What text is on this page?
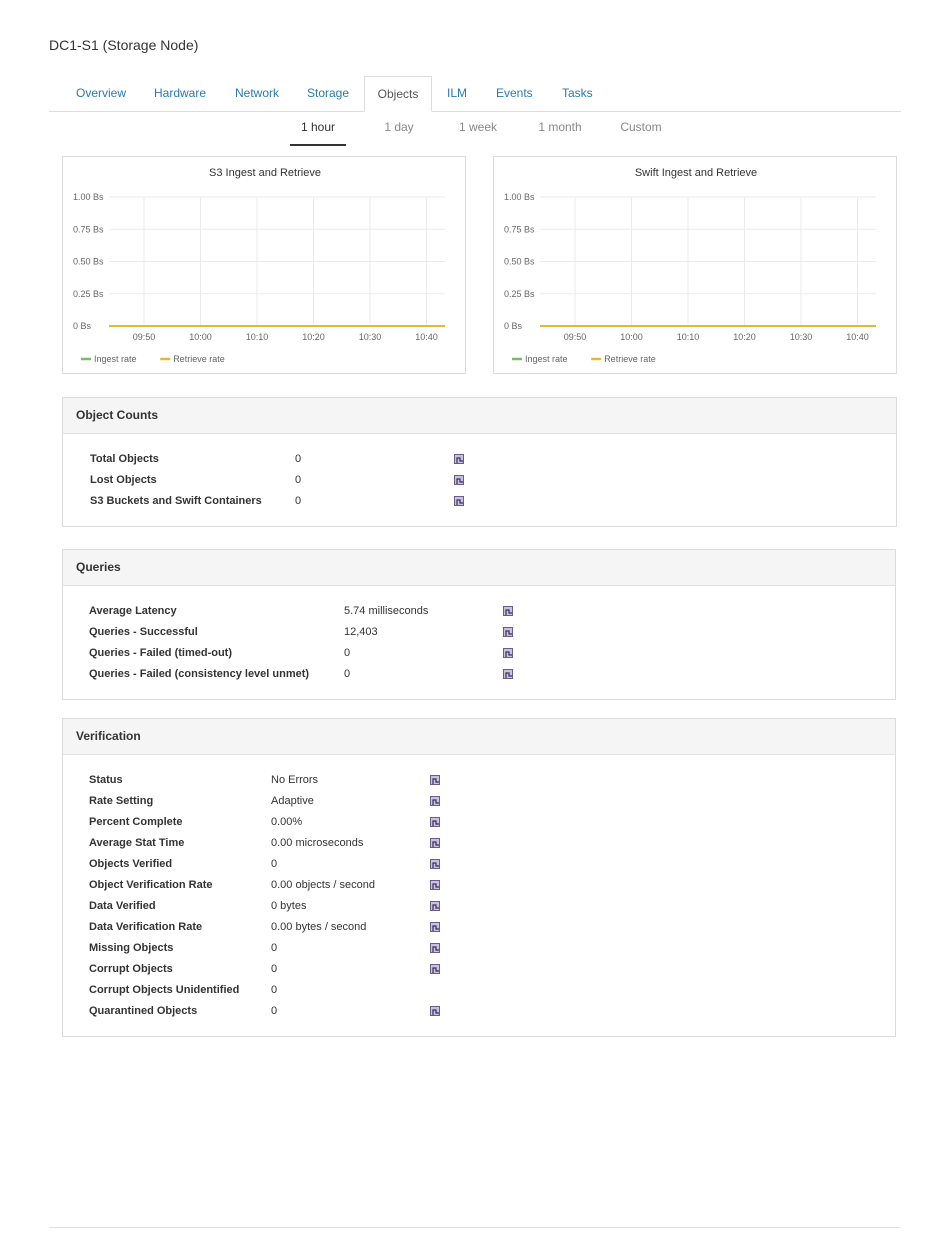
DC1-S1 (Storage Node)
Overview Hardware Network Storage	Objects	ILM Events Tasks
1 hour	1 day	1 week	1 month	Custom
S3 Ingest and Retrieve
1.00 Bs
0.75 Bs
0.50 Bs
0.25 Bs
0 Bs
09:50	10:00	10:10	10:20	10:30	10:40
Ingest rate	Retrieve rate
Swift Ingest and Retrieve
1.00 Bs
0.75 Bs
0.50 Bs
0.25 Bs
0 Bs
09:50	10:00	10:10	10:20	10:30	10:40
Ingest rate	Retrieve rate
Object Counts
Total Objects	0
Lost Objects	0
S3 Buckets and Swift Containers	0
Queries
Average Latency	5.74 milliseconds
Queries - Successful	12,403
Queries - Failed (timed-out)	0
Queries - Failed (consistency level unmet)	0
Verification
Status	No Errors
Rate Setting	Adaptive
Percent Complete	0.00%
Average Stat Time	0.00 microseconds
Objects Verified	0
Object Verification Rate	0.00 objects / second
Data Verified	0 bytes
Data Verification Rate	0.00 bytes / second
Missing Objects	0
Corrupt Objects	0
Corrupt Objects Unidentified	0
Quarantined Objects	0
